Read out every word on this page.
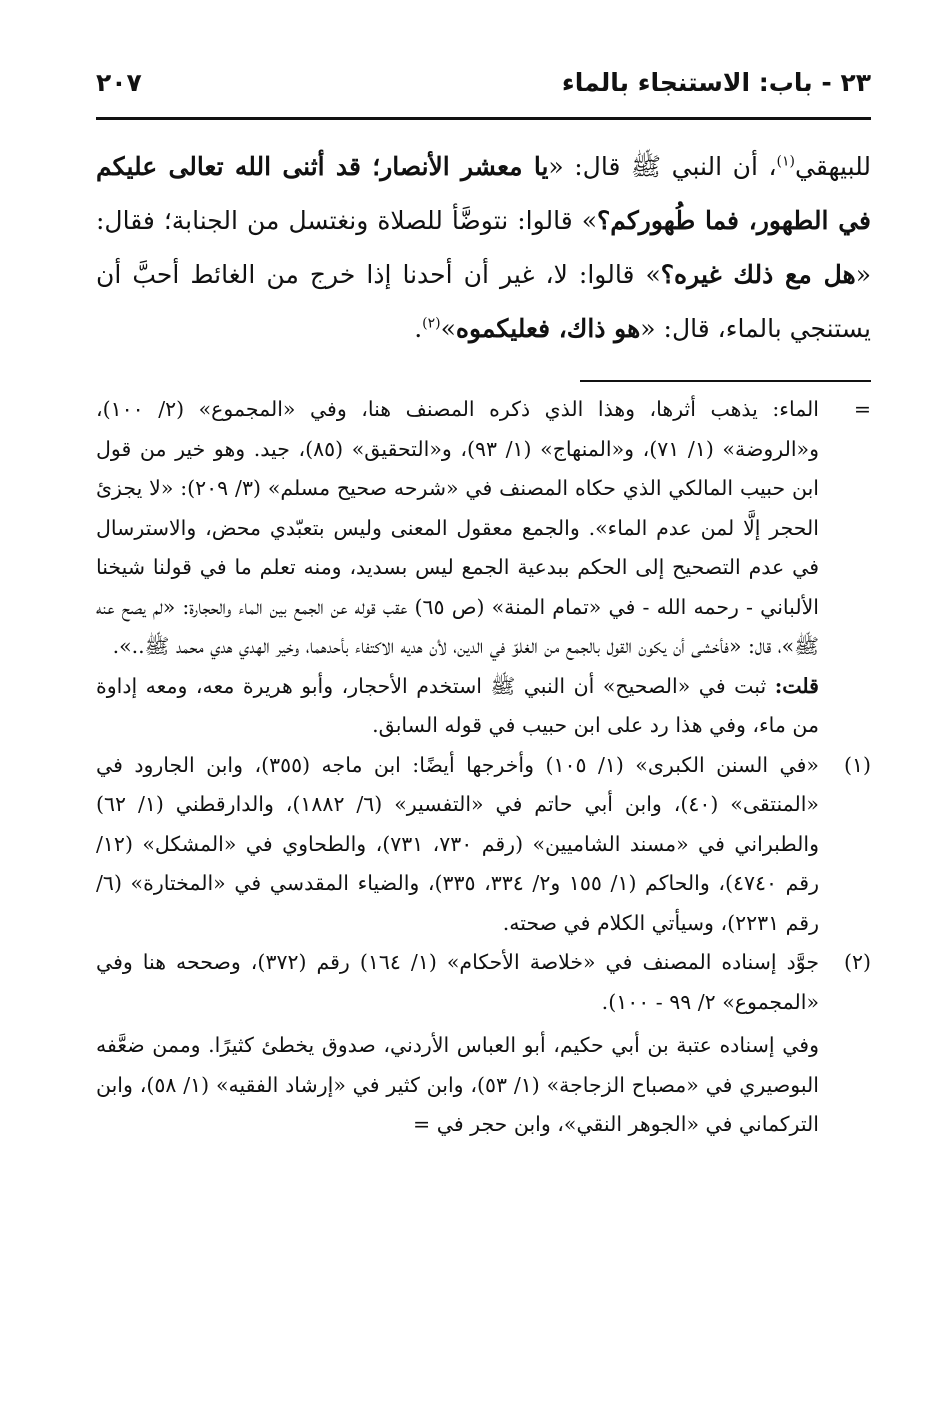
٢٣ - باب: الاستنجاء بالماء
٢٠٧
للبيهقي$^{(١)}$، أن النبي ﷺ قال: «يا معشر الأنصار؛ قد أثنى الله تعالى عليكم في الطهور، فما طُهوركم؟» قالوا: نتوضَّأ للصلاة ونغتسل من الجنابة؛ فقال: «هل مع ذلك غيره؟» قالوا: لا، غير أن أحدنا إذا خرج من الغائط أحبَّ أن يستنجي بالماء، قال: «هو ذاك، فعليكموه»$^{(٢)}$.
=

الماء: يذهب أثرها، وهذا الذي ذكره المصنف هنا، وفي «المجموع» (٢/ ١٠٠)، و«الروضة» (١/ ٧١)، و«المنهاج» (١/ ٩٣)، و«التحقيق» (٨٥)، جيد. وهو خير من قول ابن حبيب المالكي الذي حكاه المصنف في «شرحه صحيح مسلم» (٣/ ٢٠٩): «لا يجزئ الحجر إلَّا لمن عدم الماء». والجمع معقول المعنى وليس بتعبّدي محض، والاسترسال في عدم التصحيح إلى الحكم ببدعية الجمع ليس بسديد، ومنه تعلم ما في قولنا شيخنا الألباني - رحمه الله - في «تمام المنة» (ص ٦٥) عقب قوله عن الجمع بين الماء والحجارة: «لم يصح عنه ﷺ»، قال: «فأخشى أن يكون القول بالجمع من الغلوّ في الدين، لأن هديه الاكتفاء بأحدهما، وخير الهدي هدي محمد ﷺ..».

قلت: ثبت في «الصحيح» أن النبي ﷺ استخدم الأحجار، وأبو هريرة معه، ومعه إداوة من ماء، وفي هذا رد على ابن حبيب في قوله السابق.

(١)

«في السنن الكبرى» (١/ ١٠٥) وأخرجها أيضًا: ابن ماجه (٣٥٥)، وابن الجارود في «المنتقى» (٤٠)، وابن أبي حاتم في «التفسير» (٦/ ١٨٨٢)، والدارقطني (١/ ٦٢) والطبراني في «مسند الشاميين» (رقم ٧٣٠، ٧٣١)، والطحاوي في «المشكل» (١٢/رقم ٤٧٤٠)، والحاكم (١/ ١٥٥ و٢/ ٣٣٤، ٣٣٥)، والضياء المقدسي في «المختارة» (٦/رقم ٢٢٣١)، وسيأتي الكلام في صحته.

(٢)

جوَّد إسناده المصنف في «خلاصة الأحكام» (١/ ١٦٤) رقم (٣٧٢)، وصححه هنا وفي «المجموع» ٢/ ٩٩ - ١٠٠).

وفي إسناده عتبة بن أبي حكيم، أبو العباس الأردني، صدوق يخطئ كثيرًا. وممن ضعَّفه البوصيري في «مصباح الزجاجة» (١/ ٥٣)، وابن كثير في «إرشاد الفقيه» (١/ ٥٨)، وابن التركماني في «الجوهر النقي»، وابن حجر في =
